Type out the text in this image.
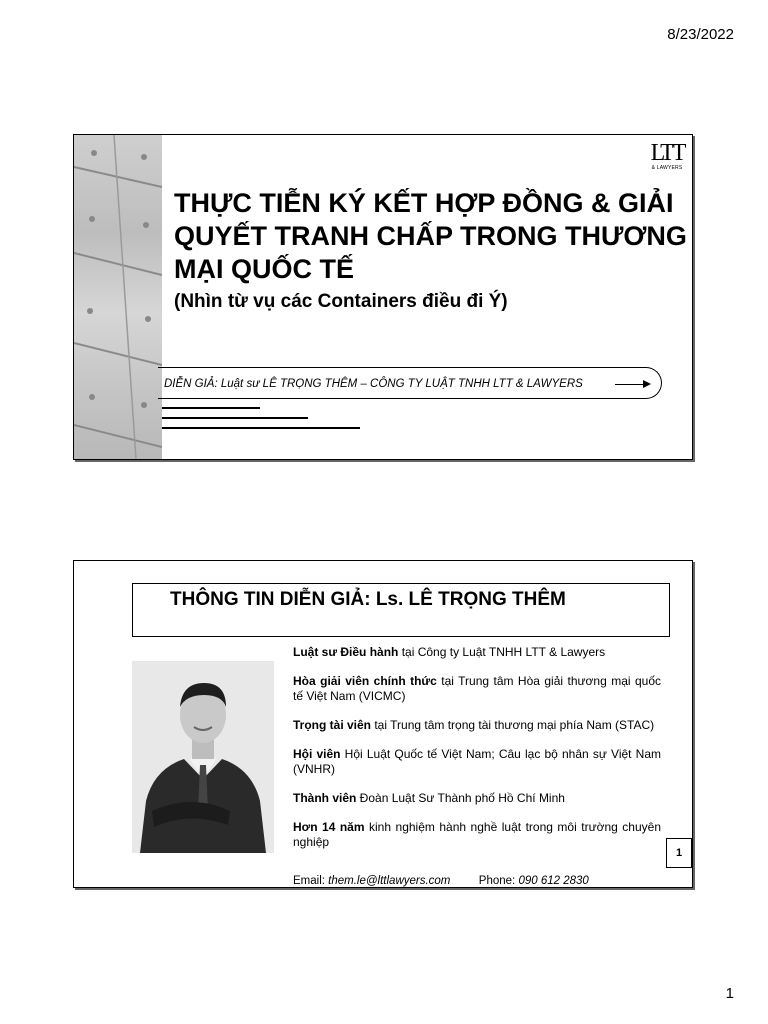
8/23/2022
LTT
& LAWYERS
THỰC TIỄN KÝ KẾT HỢP ĐỒNG & GIẢI QUYẾT TRANH CHẤP TRONG THƯƠNG MẠI QUỐC TẾ
(Nhìn từ vụ các Containers điều đi Ý)
DIỄN GIẢ: Luật sư LÊ TRỌNG THÊM – CÔNG TY LUẬT TNHH LTT & LAWYERS
THÔNG TIN DIỄN GIẢ: Ls. LÊ TRỌNG THÊM

Luật sư Điều hành tại Công ty Luật TNHH LTT & Lawyers

Hòa giải viên chính thức tại Trung tâm Hòa giải thương mại quốc tế Việt Nam (VICMC)

Trọng tài viên tại Trung tâm trọng tài thương mại phía Nam (STAC)

Hội viên Hội Luật Quốc tế Việt Nam; Câu lạc bộ nhân sự Việt Nam (VNHR)

Thành viên Đoàn Luật Sư Thành phố Hồ Chí Minh

Hơn 14 năm kinh nghiệm hành nghề luật trong môi trường chuyên nghiệp

Email: them.le@lttlawyers.com Phone: 090 612 2830
1
1
